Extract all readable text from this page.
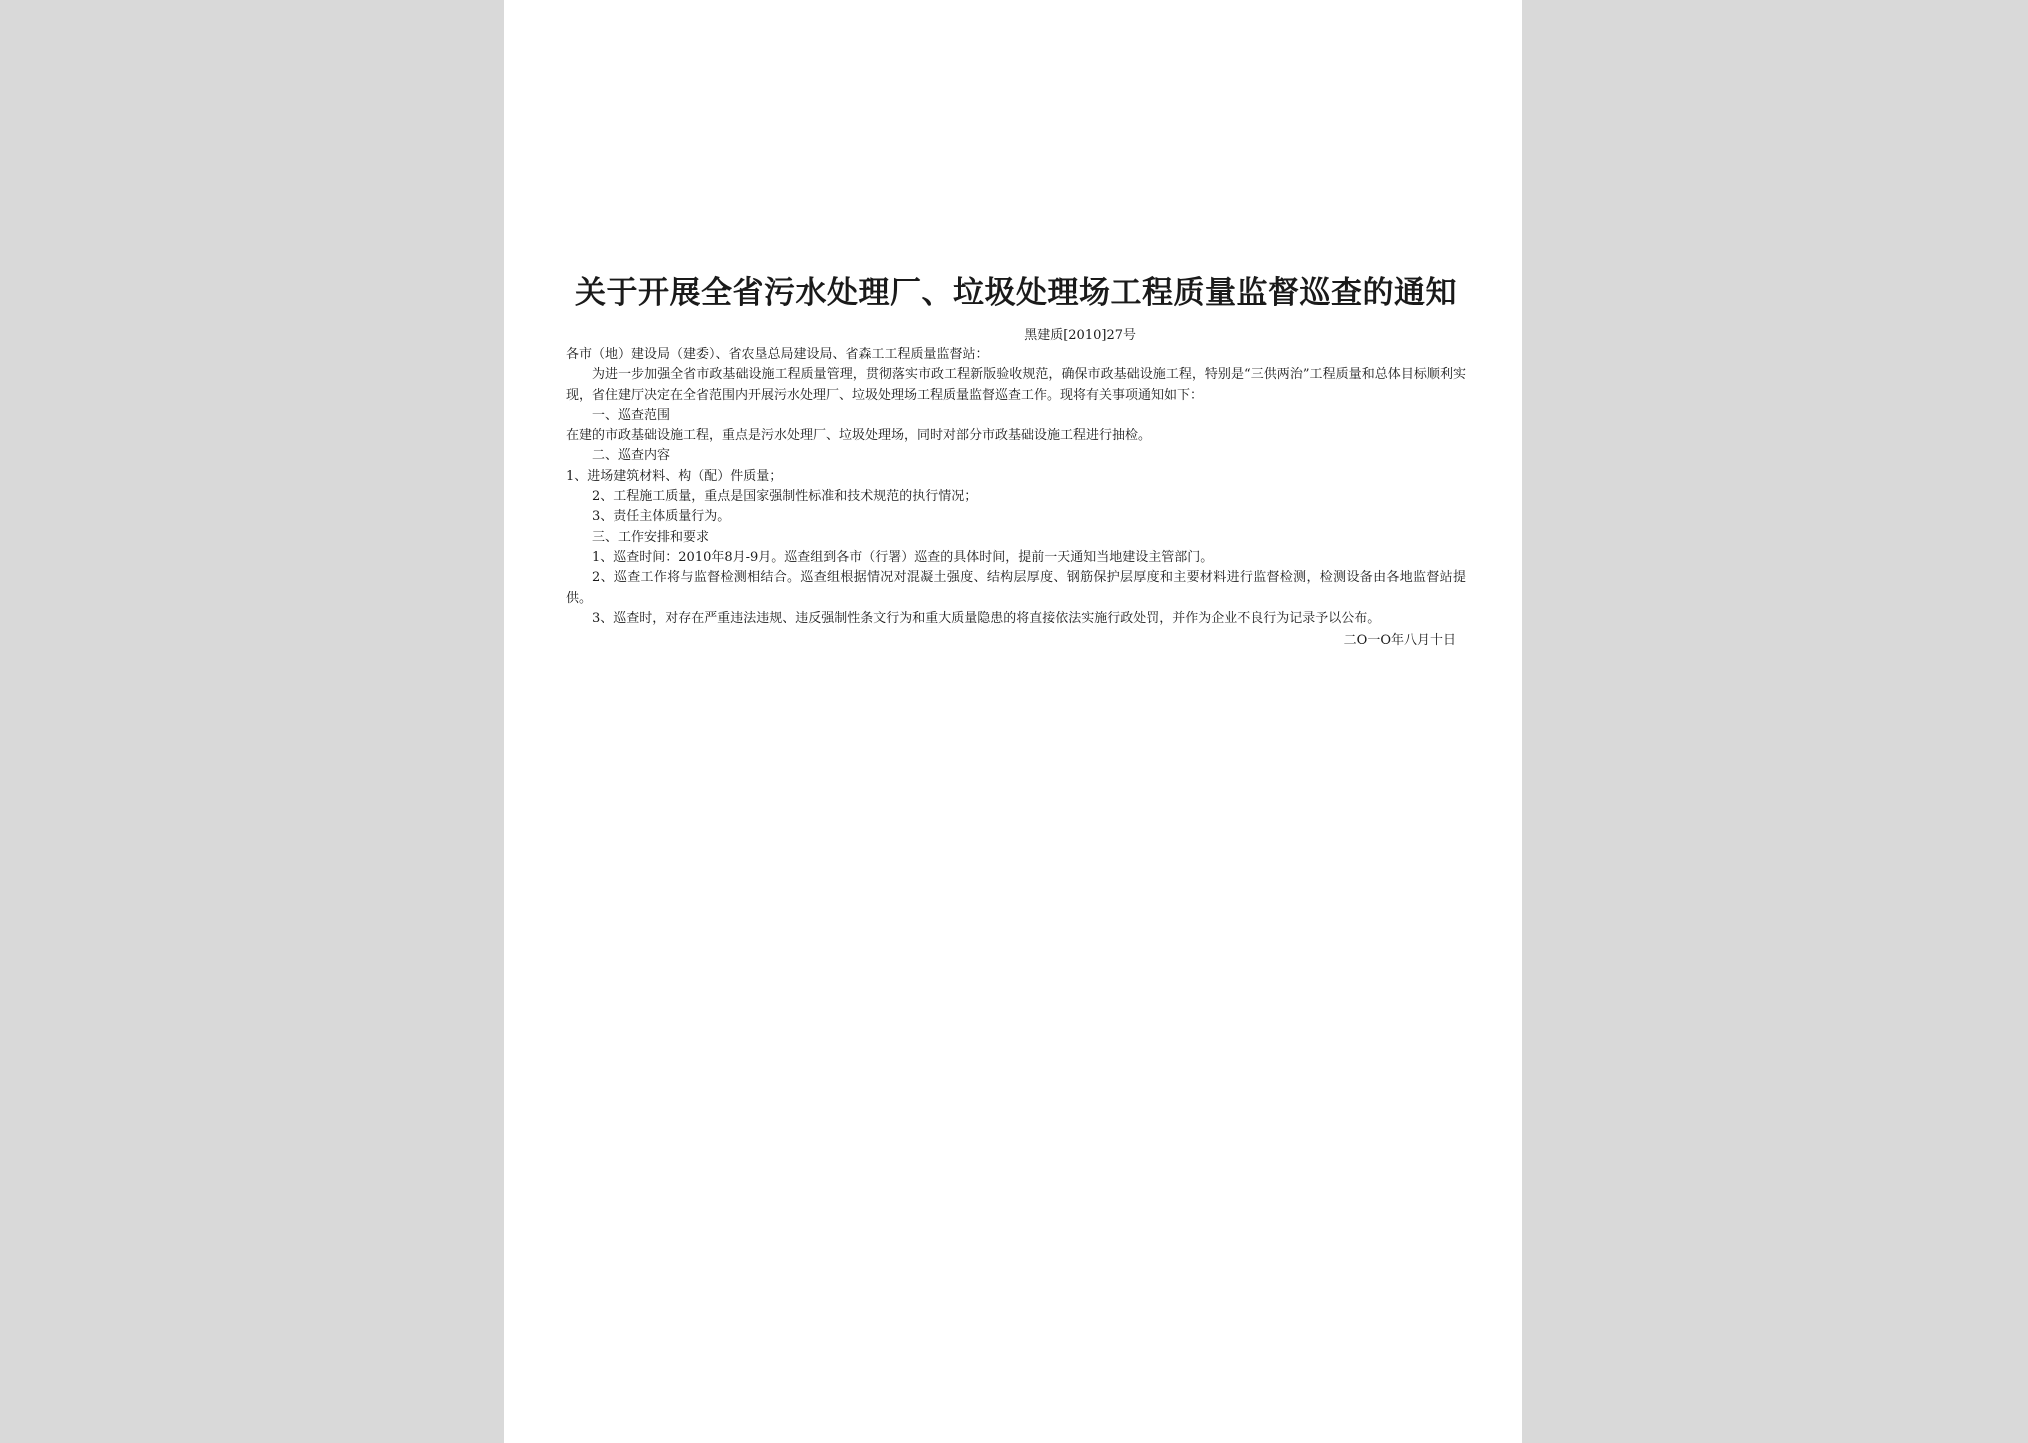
关于开展全省污水处理厂、垃圾处理场工程质量监督巡查的通知
黑建质[2010]27号

各市（地）建设局（建委）、省农垦总局建设局、省森工工程质量监督站：

为进一步加强全省市政基础设施工程质量管理，贯彻落实市政工程新版验收规范，确保市政基础设施工程，特别是“三供两治”工程质量和总体目标顺利实现，省住建厅决定在全省范围内开展污水处理厂、垃圾处理场工程质量监督巡查工作。现将有关事项通知如下：

一、巡查范围

在建的市政基础设施工程，重点是污水处理厂、垃圾处理场，同时对部分市政基础设施工程进行抽检。

二、巡查内容

1、进场建筑材料、构（配）件质量；

2、工程施工质量，重点是国家强制性标准和技术规范的执行情况；

3、责任主体质量行为。

三、工作安排和要求

1、巡查时间：2010年8月-9月。巡查组到各市（行署）巡查的具体时间，提前一天通知当地建设主管部门。

2、巡查工作将与监督检测相结合。巡查组根据情况对混凝土强度、结构层厚度、钢筋保护层厚度和主要材料进行监督检测，检测设备由各地监督站提供。

3、巡查时，对存在严重违法违规、违反强制性条文行为和重大质量隐患的将直接依法实施行政处罚，并作为企业不良行为记录予以公布。

二O一O年八月十日
